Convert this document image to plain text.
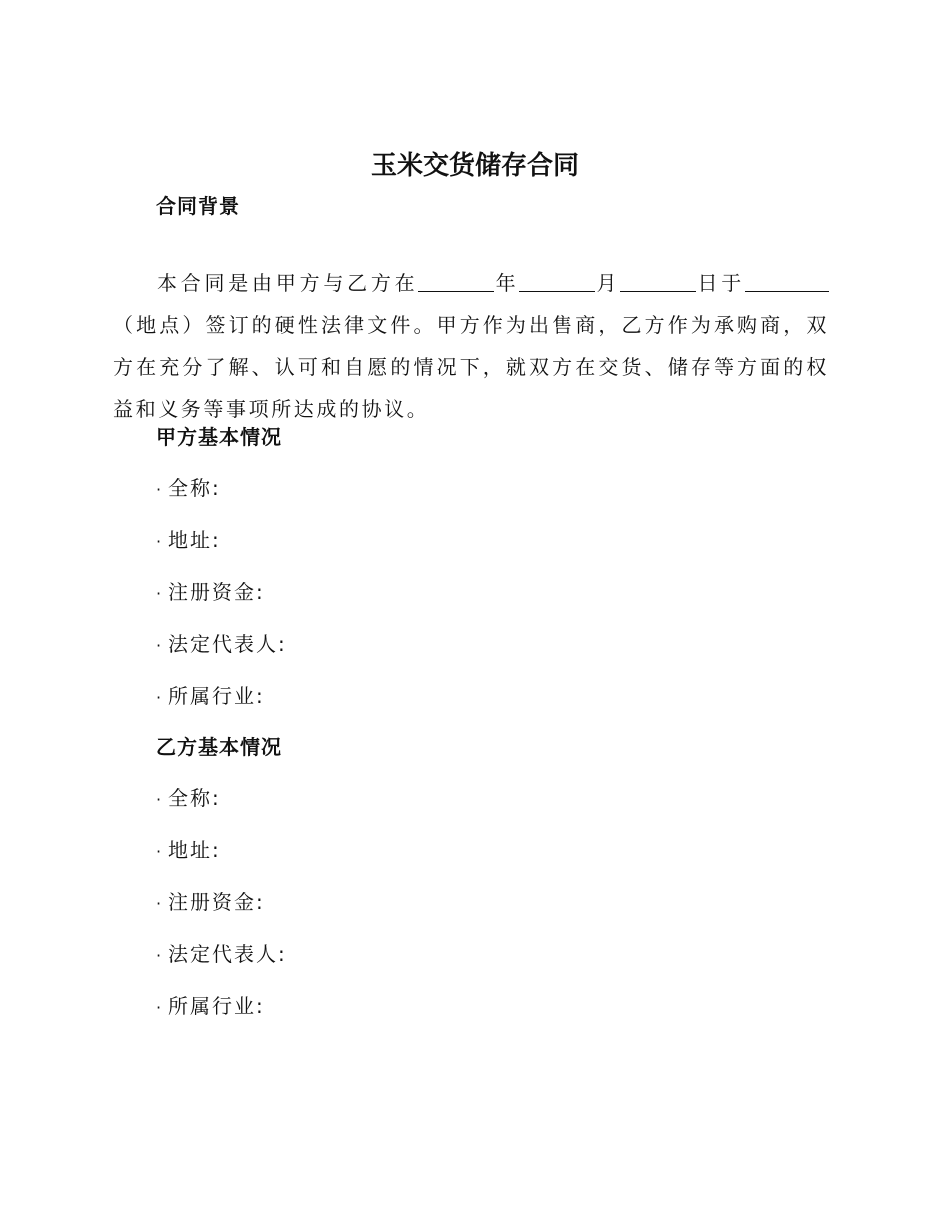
玉米交货储存合同
合同背景

本合同是由甲方与乙方在	年	月	日于（地点）签订的硬性法律文件。甲方作为出售商，乙方作为承购商，双方在充分了解、认可和自愿的情况下，就双方在交货、储存等方面的权益和义务等事项所达成的协议。

甲方基本情况
· 全称:
· 地址:
· 注册资金:
· 法定代表人:
· 所属行业:
乙方基本情况
· 全称:
· 地址:
· 注册资金:
· 法定代表人:
· 所属行业:
